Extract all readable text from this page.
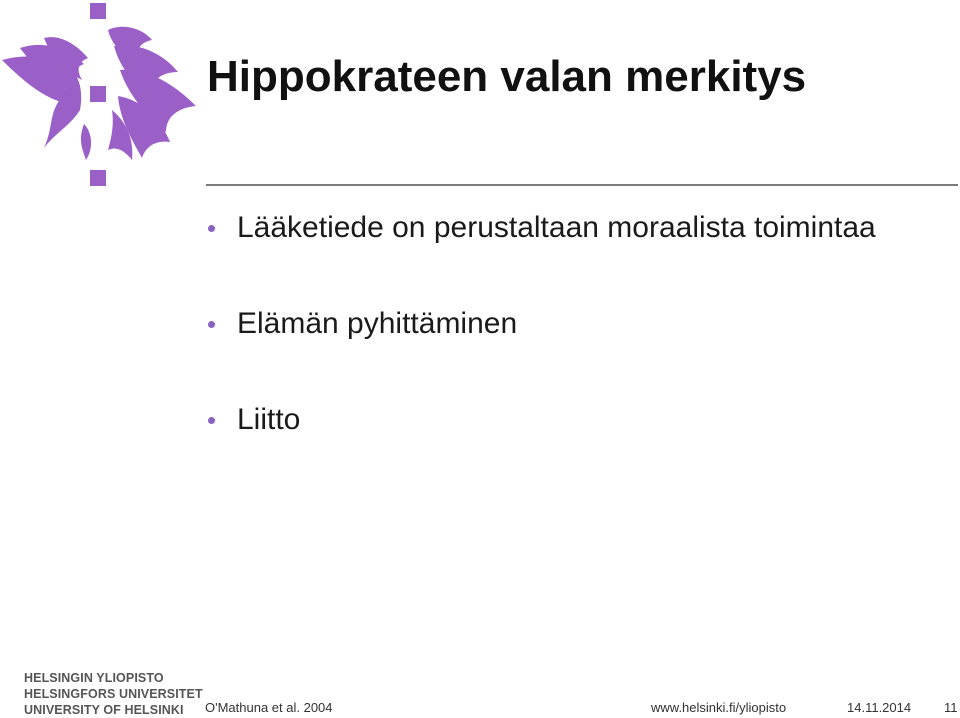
Hippokrateen valan merkitys
Lääketiede on perustaltaan moraalista toimintaa
Elämän pyhittäminen
Liitto
HELSINGIN YLIOPISTO
HELSINGFORS UNIVERSITET
UNIVERSITY OF HELSINKI	O'Mathuna et al. 2004	www.helsinki.fi/yliopisto	14.11.2014	11
